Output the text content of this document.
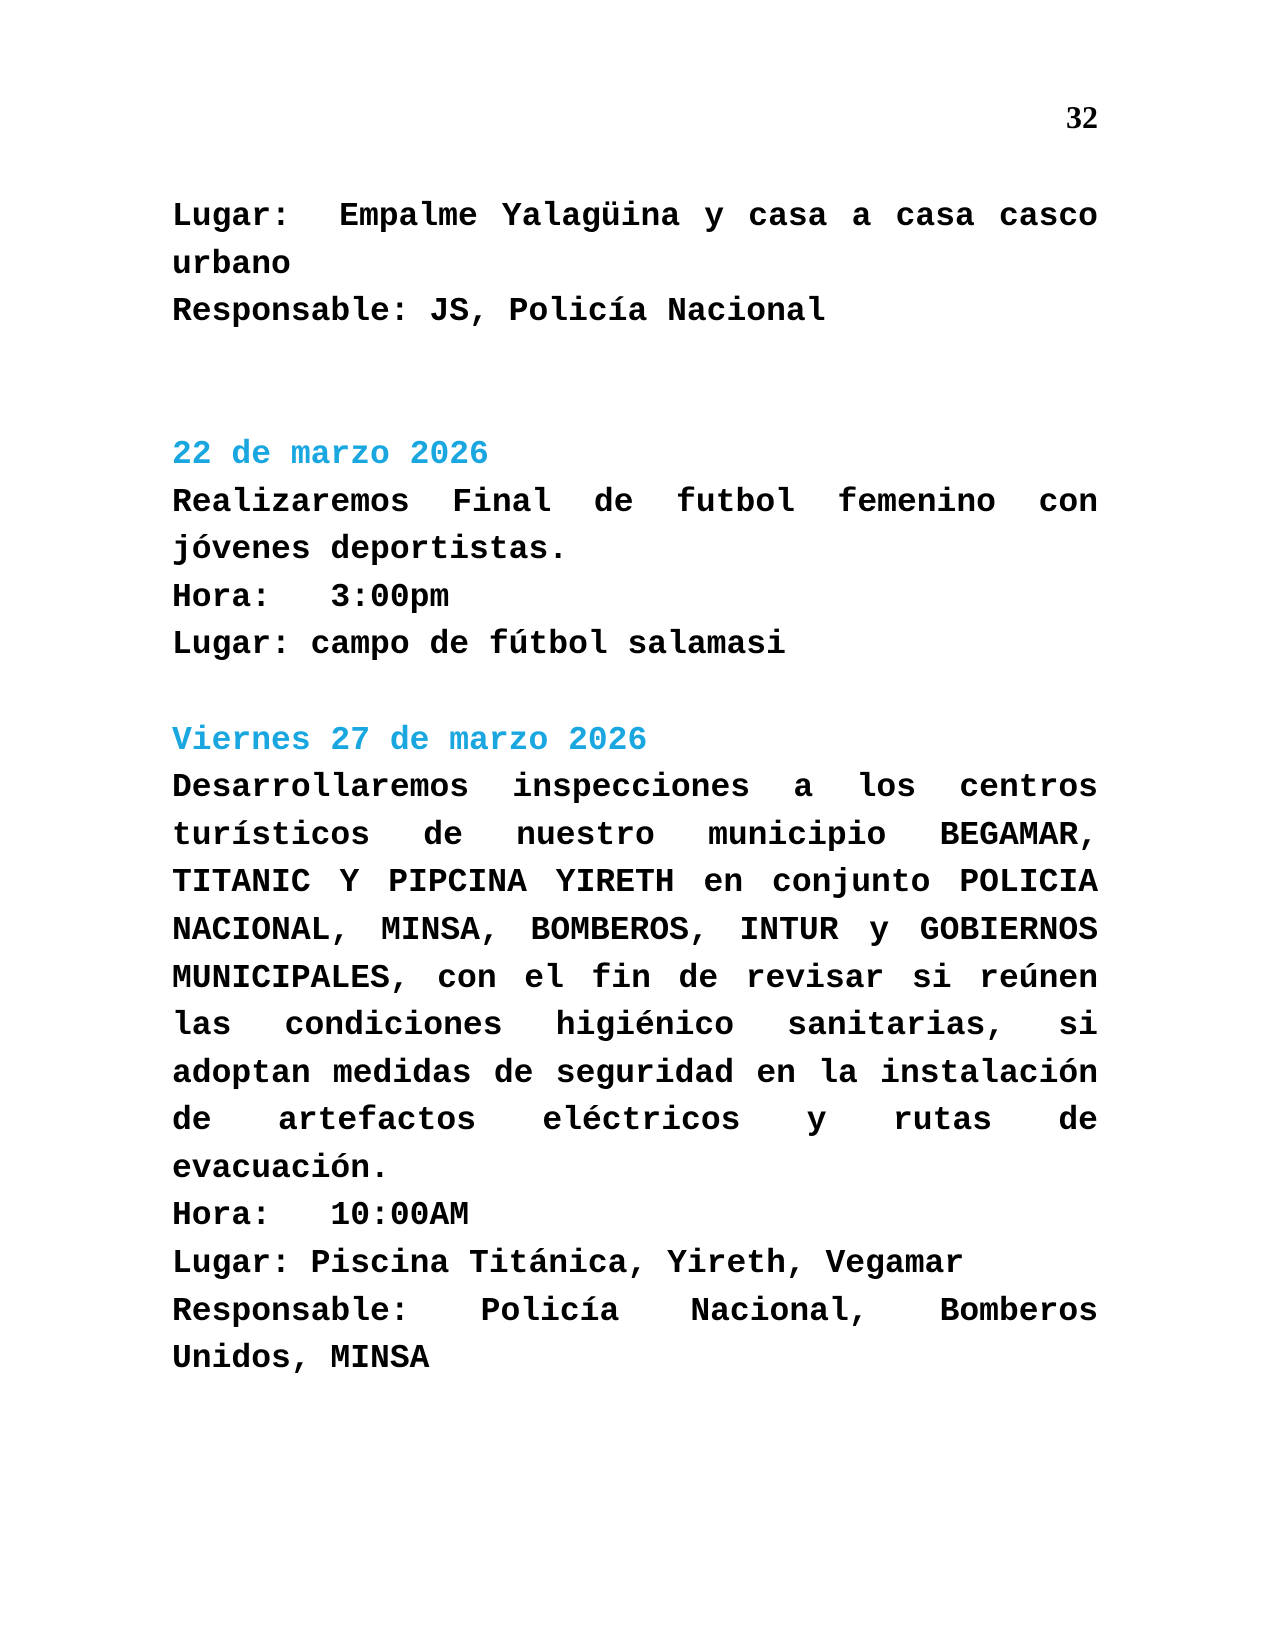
32
Lugar:  Empalme Yalagüina y casa a casa casco
urbano
Responsable: JS, Policía Nacional
22 de marzo 2026
Realizaremos Final de futbol femenino con
jóvenes deportistas.
Hora:   3:00pm
Lugar: campo de fútbol salamasi
Viernes 27 de marzo 2026
Desarrollaremos inspecciones a los centros
turísticos de nuestro municipio BEGAMAR,
TITANIC Y PIPCINA YIRETH en conjunto POLICIA
NACIONAL, MINSA, BOMBEROS, INTUR y GOBIERNOS
MUNICIPALES, con el fin de revisar si reúnen
las condiciones higiénico sanitarias, si
adoptan medidas de seguridad en la instalación
de artefactos eléctricos y rutas de
evacuación.
Hora:   10:00AM
Lugar: Piscina Titánica, Yireth, Vegamar
Responsable: Policía Nacional, Bomberos
Unidos, MINSA
